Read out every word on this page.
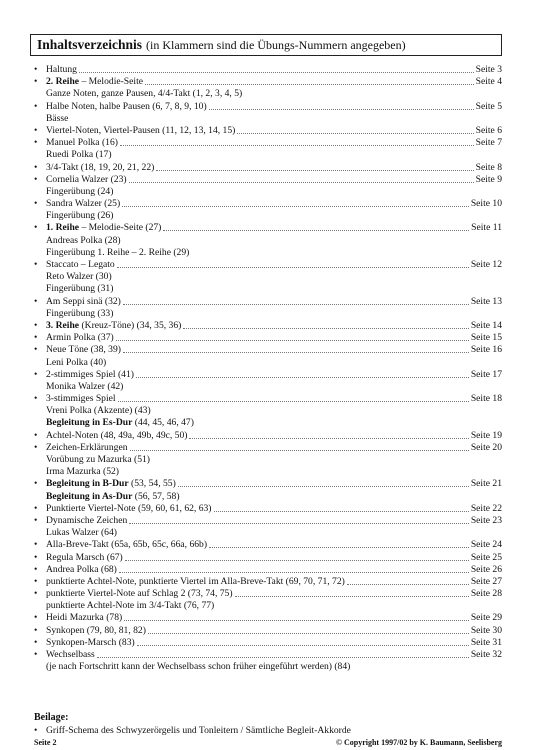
Inhaltsverzeichnis (in Klammern sind die Übungs-Nummern angegeben)
• Haltung	Seite 3
• 2. Reihe – Melodie-Seite	Seite 4
Ganze Noten, ganze Pausen, 4/4-Takt (1, 2, 3, 4, 5)
• Halbe Noten, halbe Pausen (6, 7, 8, 9, 10)	Seite 5
Bässe
• Viertel-Noten, Viertel-Pausen (11, 12, 13, 14, 15)	Seite 6
• Manuel Polka (16)	Seite 7
Ruedi Polka (17)
• 3/4-Takt (18, 19, 20, 21, 22)	Seite 8
• Cornelia Walzer (23)	Seite 9
Fingerübung (24)
• Sandra Walzer (25)	Seite 10
Fingerübung (26)
• 1. Reihe – Melodie-Seite (27)	Seite 11
Andreas Polka (28)
Fingerübung 1. Reihe – 2. Reihe (29)
• Staccato – Legato	Seite 12
Reto Walzer (30)
Fingerübung (31)
• Am Seppi sinä (32)	Seite 13
Fingerübung (33)
• 3. Reihe (Kreuz-Töne) (34, 35, 36)	Seite 14
• Armin Polka (37)	Seite 15
• Neue Töne (38, 39)	Seite 16
Leni Polka (40)
• 2-stimmiges Spiel (41)	Seite 17
Monika Walzer (42)
• 3-stimmiges Spiel	Seite 18
Vreni Polka (Akzente) (43)
Begleitung in Es-Dur (44, 45, 46, 47)
• Achtel-Noten (48, 49a, 49b, 49c, 50)	Seite 19
• Zeichen-Erklärungen	Seite 20
Vorübung zu Mazurka (51)
Irma Mazurka (52)
• Begleitung in B-Dur (53, 54, 55)	Seite 21
Begleitung in As-Dur (56, 57, 58)
• Punktierte Viertel-Note (59, 60, 61, 62, 63)	Seite 22
• Dynamische Zeichen	Seite 23
Lukas Walzer (64)
• Alla-Breve-Takt (65a, 65b, 65c, 66a, 66b)	Seite 24
• Regula Marsch (67)	Seite 25
• Andrea Polka (68)	Seite 26
• punktierte Achtel-Note, punktierte Viertel im Alla-Breve-Takt (69, 70, 71, 72)	Seite 27
• punktierte Viertel-Note auf Schlag 2 (73, 74, 75)	Seite 28
punktierte Achtel-Note im 3/4-Takt (76, 77)
• Heidi Mazurka (78)	Seite 29
• Synkopen (79, 80, 81, 82)	Seite 30
• Synkopen-Marsch (83)	Seite 31
• Wechselbass	Seite 32
(je nach Fortschritt kann der Wechselbass schon früher eingeführt werden) (84)
Beilage:
• Griff-Schema des Schwyzerörgelis und Tonleitern / Sämtliche Begleit-Akkorde
Seite 2	© Copyright 1997/02 by K. Baumann, Seelisberg
